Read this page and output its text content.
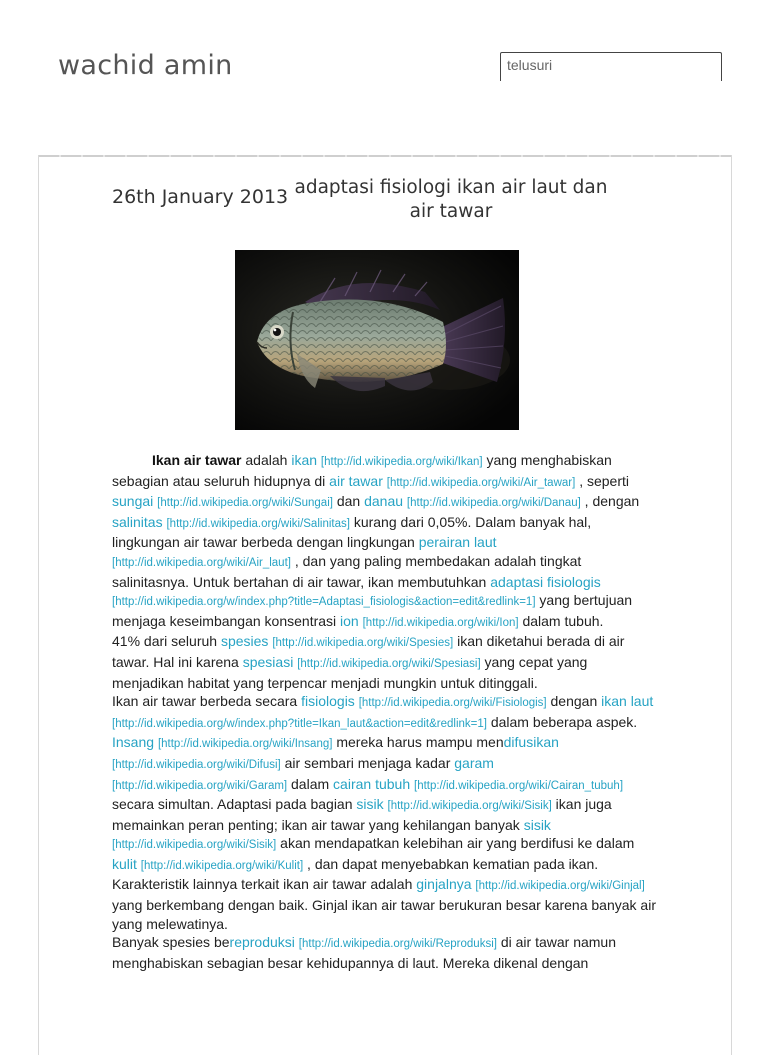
wachid amin
telusuri
26th January 2013 adaptasi fisiologi ikan air laut dan air tawar

Ikan air tawar adalah ikan [http://id.wikipedia.org/wiki/Ikan] yang menghabiskan sebagian atau seluruh hidupnya di air tawar [http://id.wikipedia.org/wiki/Air_tawar] , seperti sungai [http://id.wikipedia.org/wiki/Sungai] dan danau [http://id.wikipedia.org/wiki/Danau] , dengan salinitas [http://id.wikipedia.org/wiki/Salinitas] kurang dari 0,05%. Dalam banyak hal, lingkungan air tawar berbeda dengan lingkungan perairan laut [http://id.wikipedia.org/wiki/Air_laut] , dan yang paling membedakan adalah tingkat salinitasnya. Untuk bertahan di air tawar, ikan membutuhkan adaptasi fisiologis [http://id.wikipedia.org/w/index.php?title=Adaptasi_fisiologis&action=edit&redlink=1] yang bertujuan menjaga keseimbangan konsentrasi ion [http://id.wikipedia.org/wiki/Ion] dalam tubuh.

41% dari seluruh spesies [http://id.wikipedia.org/wiki/Spesies] ikan diketahui berada di air tawar. Hal ini karena spesiasi [http://id.wikipedia.org/wiki/Spesiasi] yang cepat yang menjadikan habitat yang terpencar menjadi mungkin untuk ditinggali.

Ikan air tawar berbeda secara fisiologis [http://id.wikipedia.org/wiki/Fisiologis] dengan ikan laut [http://id.wikipedia.org/w/index.php?title=Ikan_laut&action=edit&redlink=1] dalam beberapa aspek. Insang [http://id.wikipedia.org/wiki/Insang] mereka harus mampu mendifusikan [http://id.wikipedia.org/wiki/Difusi] air sembari menjaga kadar garam [http://id.wikipedia.org/wiki/Garam] dalam cairan tubuh [http://id.wikipedia.org/wiki/Cairan_tubuh] secara simultan. Adaptasi pada bagian sisik [http://id.wikipedia.org/wiki/Sisik] ikan juga memainkan peran penting; ikan air tawar yang kehilangan banyak sisik [http://id.wikipedia.org/wiki/Sisik] akan mendapatkan kelebihan air yang berdifusi ke dalam kulit [http://id.wikipedia.org/wiki/Kulit] , dan dapat menyebabkan kematian pada ikan.

Karakteristik lainnya terkait ikan air tawar adalah ginjalnya [http://id.wikipedia.org/wiki/Ginjal] yang berkembang dengan baik. Ginjal ikan air tawar berukuran besar karena banyak air yang melewatinya.

Banyak spesies bereproduksi [http://id.wikipedia.org/wiki/Reproduksi] di air tawar namun menghabiskan sebagian besar kehidupannya di laut. Mereka dikenal dengan
